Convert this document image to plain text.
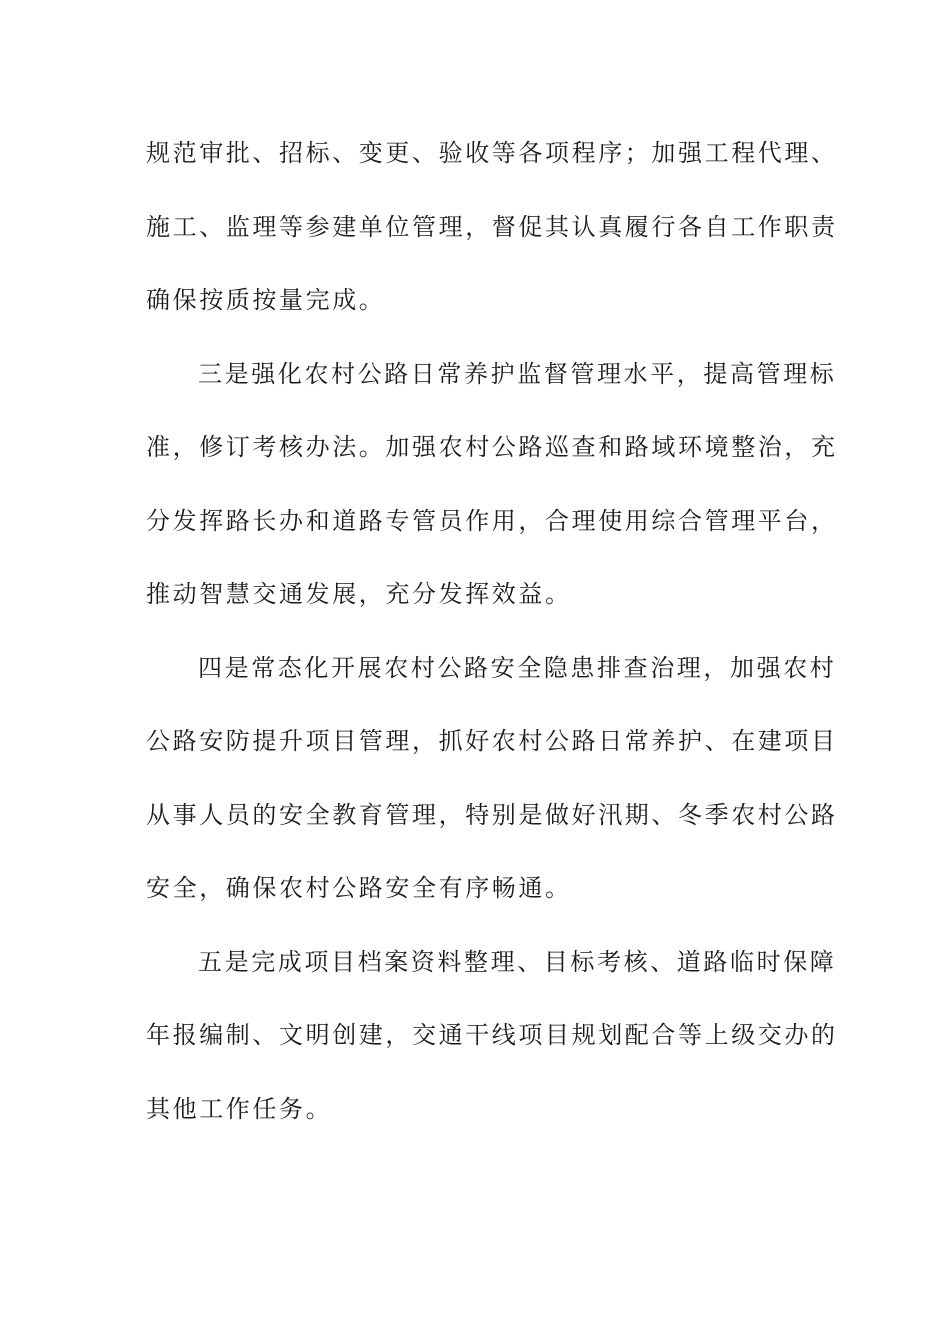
规范审批、招标、变更、验收等各项程序；加强工程代理、
施工、监理等参建单位管理，督促其认真履行各自工作职责
确保按质按量完成。
三是强化农村公路日常养护监督管理水平，提高管理标
准，修订考核办法。加强农村公路巡查和路域环境整治，充
分发挥路长办和道路专管员作用，合理使用综合管理平台，
推动智慧交通发展，充分发挥效益。
四是常态化开展农村公路安全隐患排查治理，加强农村
公路安防提升项目管理，抓好农村公路日常养护、在建项目
从事人员的安全教育管理，特别是做好汛期、冬季农村公路
安全，确保农村公路安全有序畅通。
五是完成项目档案资料整理、目标考核、道路临时保障
年报编制、文明创建，交通干线项目规划配合等上级交办的
其他工作任务。
